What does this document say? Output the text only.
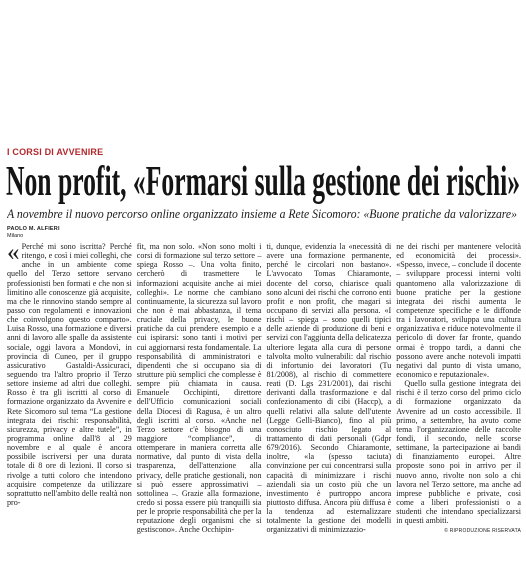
I CORSI DI AVVENIRE
Non profit, «Formarsi sulla gestione dei rischi»
A novembre il nuovo percorso online organizzato insieme a Rete Sicomoro: «Buone pratiche da valorizzare»
PAOLO M. ALFIERI
Milano

« Perché mi sono iscritta? Perché ritengo, e così i miei colleghi, che anche in un ambiente come quello del Terzo settore servano professionisti ben formati e che non si limitino alle conoscenze già acquisite, ma che le rinnovino stando sempre al passo con regolamenti e innovazioni che coinvolgono questo comparto». Luisa Rosso, una formazione e diversi anni di lavoro alle spalle da assistente sociale, oggi lavora a Mondovì, in provincia di Cuneo, per il gruppo assicurativo Gastaldi-Assicuraci, seguendo tra l'altro proprio il Terzo settore insieme ad altri due colleghi. Rosso è tra gli iscritti al corso di formazione organizzato da Avvenire e Rete Sicomoro sul tema “La gestione integrata dei rischi: responsabilità, sicurezza, privacy e altre tutele”, in programma online dall'8 al 29 novembre e al quale è ancora possibile iscriversi per una durata totale di 8 ore di lezioni. Il corso si rivolge a tutti coloro che intendono acquisire competenze da utilizzare soprattutto nell'ambito delle realtà non pro-

fit, ma non solo. «Non sono molti i corsi di formazione sul terzo settore – spiega Rosso –. Una volta finito, cercherò di trasmettere le informazioni acquisite anche ai miei colleghi». Le norme che cambiano continuamente, la sicurezza sul lavoro che non è mai abbastanza, il tema cruciale della privacy, le buone pratiche da cui prendere esempio e a cui ispirarsi: sono tanti i motivi per cui aggiornarsi resta fondamentale. La responsabilità di amministratori e dipendenti che si occupano sia di strutture più semplici che complesse è sempre più chiamata in causa. Emanuele Occhipinti, direttore dell'Ufficio comunicazioni sociali della Diocesi di Ragusa, è un altro degli iscritti al corso. «Anche nel Terzo settore c'è bisogno di una maggiore “compliance”, di ottemperare in maniera corretta alle normative, dal punto di vista della trasparenza, dell'attenzione alla privacy, delle pratiche gestionali, non si può essere approssimativi – sottolinea –. Grazie alla formazione, credo si possa essere più tranquilli sia per le proprie responsabilità che per la reputazione degli organismi che si gestiscono». Anche Occhipin-

ti, dunque, evidenzia la «necessità di avere una formazione permanente, perché le circolari non bastano». L'avvocato Tomas Chiaramonte, docente del corso, chiarisce quali sono alcuni dei rischi che corrono enti profit e non profit, che magari si occupano di servizi alla persona. «I rischi – spiega – sono quelli tipici delle aziende di produzione di beni e servizi con l'aggiunta della delicatezza ulteriore legata alla cura di persone talvolta molto vulnerabili: dal rischio di infortunio dei lavoratori (Tu 81/2008), al rischio di commettere reati (D. Lgs 231/2001), dai rischi derivanti dalla trasformazione e dal confezionamento di cibi (Haccp), a quelli relativi alla salute dell'utente (Legge Gelli-Bianco), fino al più conosciuto rischio legato al trattamento di dati personali (Gdpr 679/2016). Secondo Chiaramonte, inoltre, «la (spesso taciuta) convinzione per cui concentrarsi sulla capacità di minimizzare i rischi aziendali sia un costo più che un investimento è purtroppo ancora piuttosto diffusa. Ancora più diffusa è la tendenza ad esternalizzare totalmente la gestione dei modelli organizzativi di minimizzazio-

ne dei rischi per mantenere velocità ed economicità dei processi». «Spesso, invece, – conclude il docente – sviluppare processi interni volti quantomeno alla valorizzazione di buone pratiche per la gestione integrata dei rischi aumenta le competenze specifiche e le diffonde tra i lavoratori, sviluppa una cultura organizzativa e riduce notevolmente il pericolo di dover far fronte, quando ormai è troppo tardi, a danni che possono avere anche notevoli impatti negativi dal punto di vista umano, economico e reputazionale».

Quello sulla gestione integrata dei rischi è il terzo corso del primo ciclo di formazione organizzato da Avvenire ad un costo accessibile. Il primo, a settembre, ha avuto come tema l'organizzazione delle raccolte fondi, il secondo, nelle scorse settimane, la partecipazione ai bandi di finanziamento europei. Altre proposte sono poi in arrivo per il nuovo anno, rivolte non solo a chi lavora nel Terzo settore, ma anche ad imprese pubbliche e private, così come a liberi professionisti o a studenti che intendano specializzarsi in questi ambiti.

© RIPRODUZIONE RISERVATA
